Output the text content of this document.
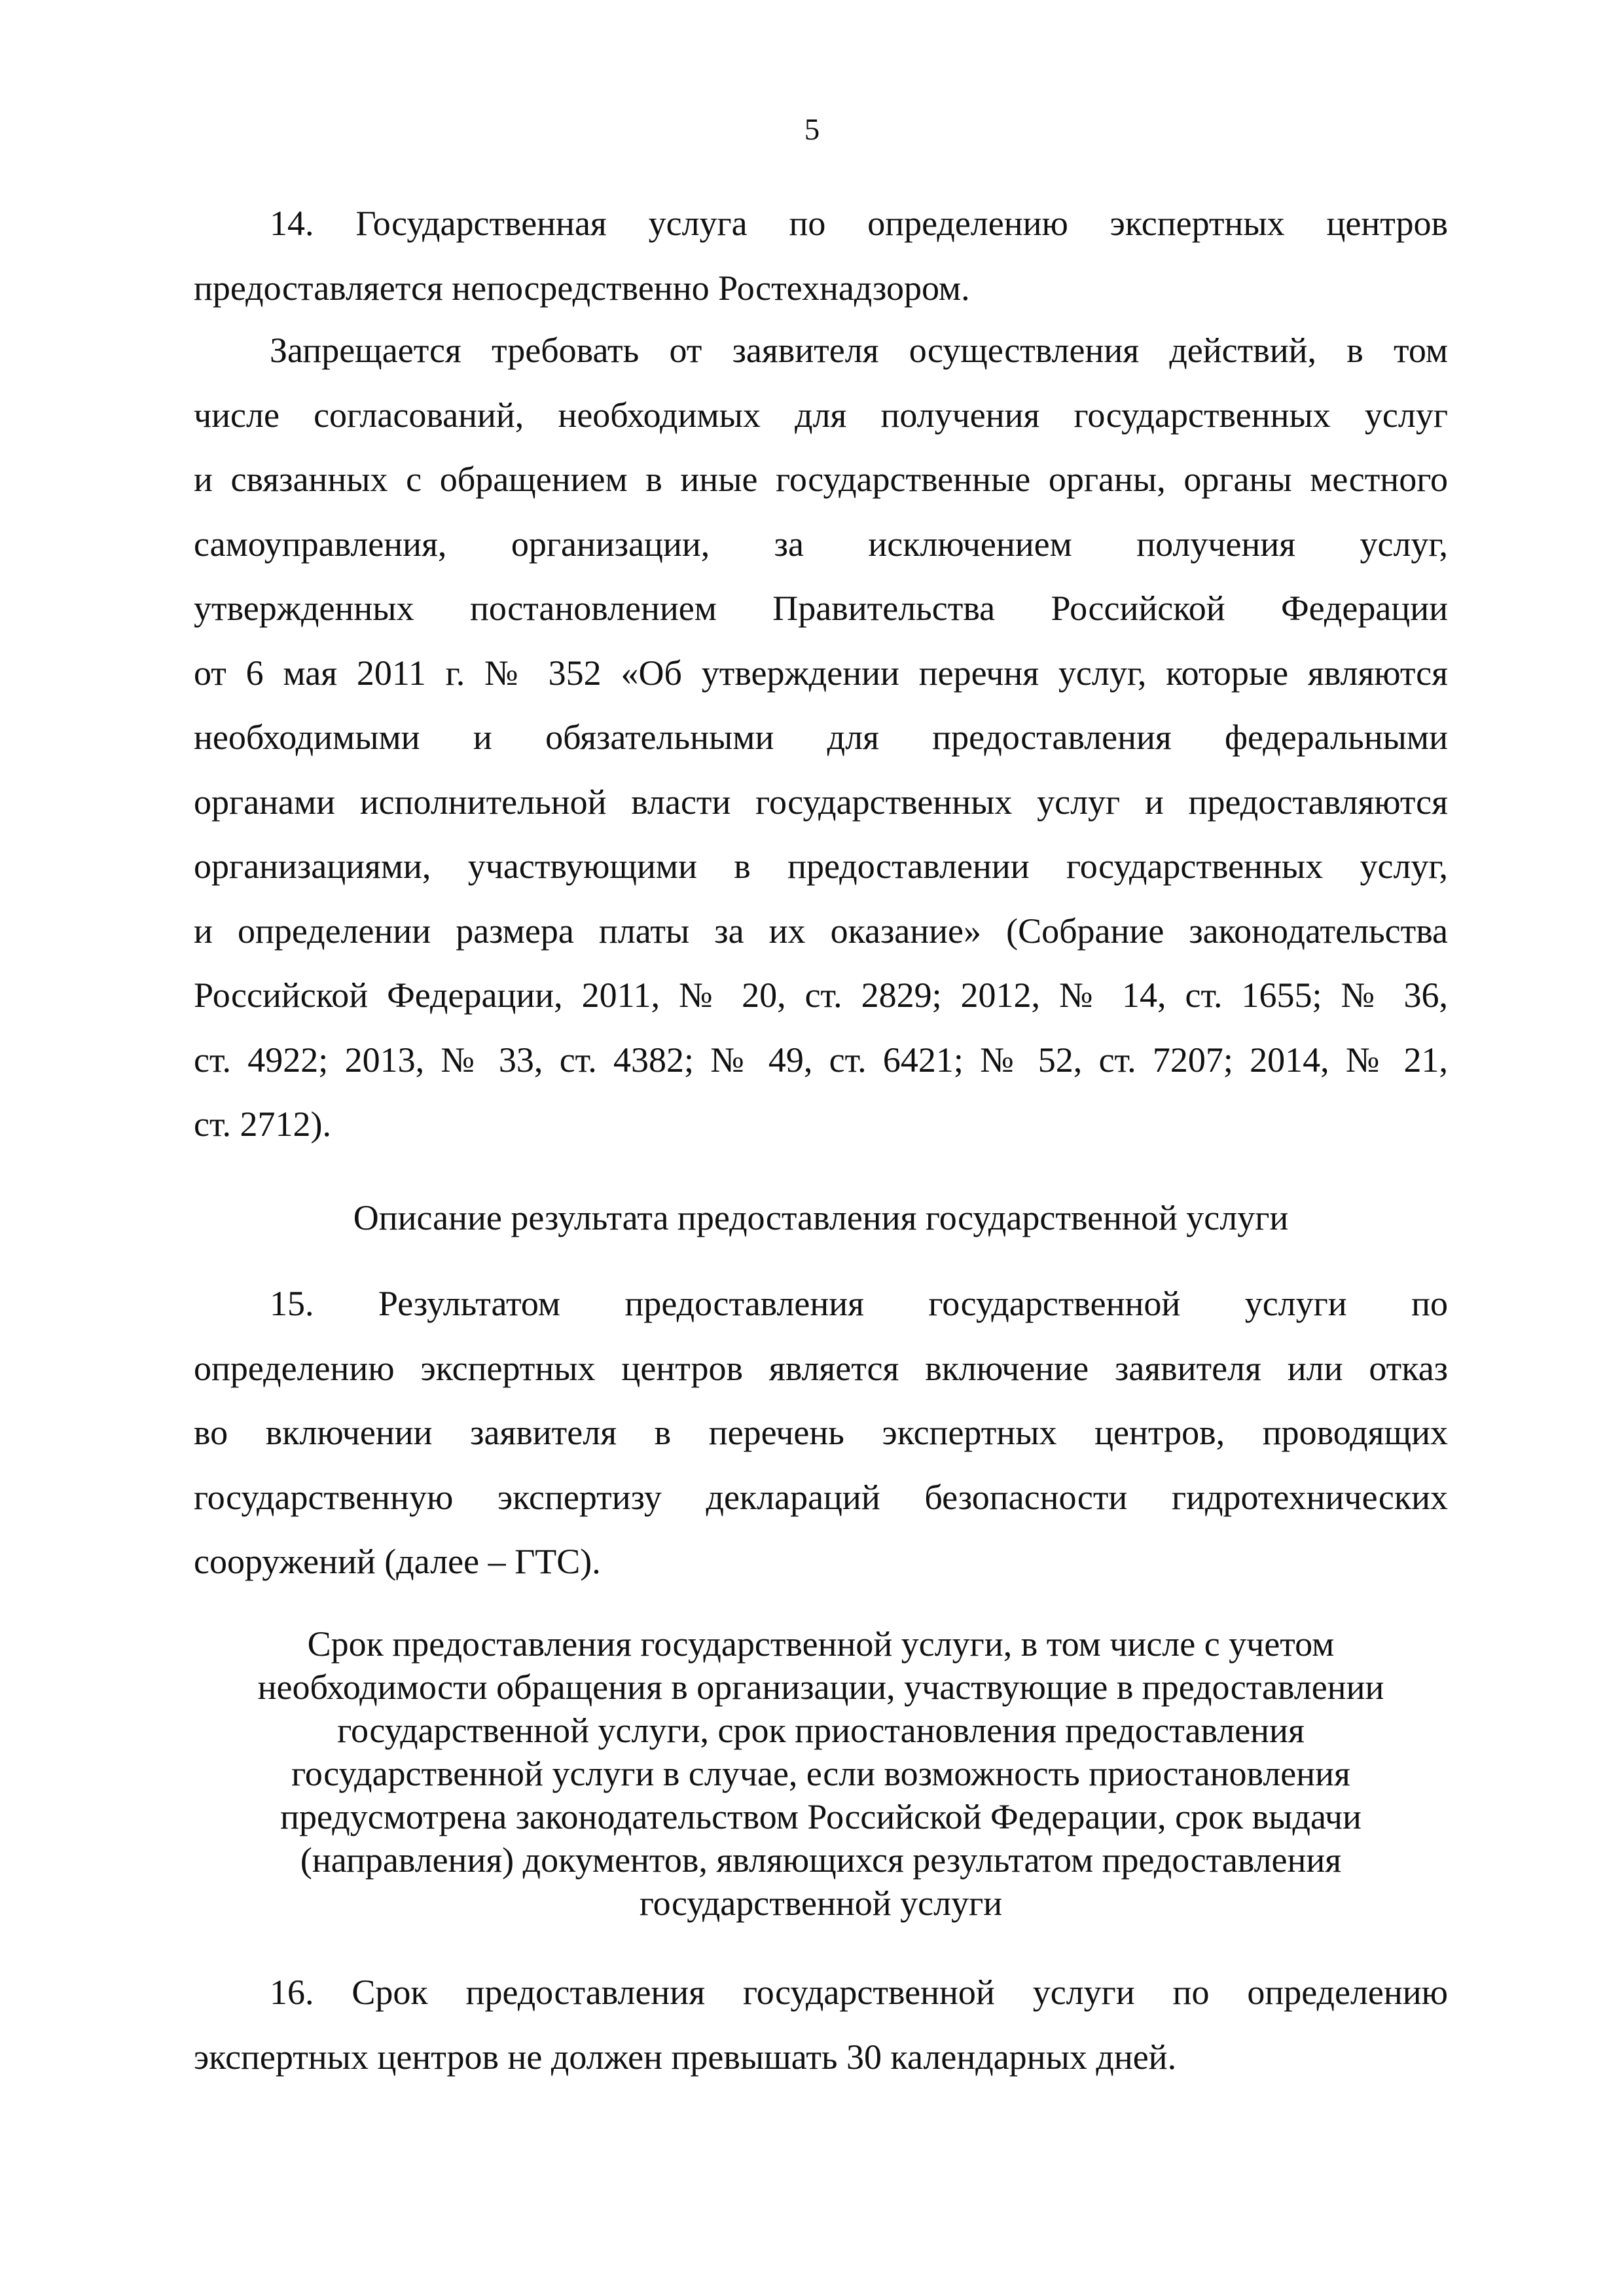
5
14. Государственная услуга по определению экспертных центров
предоставляется непосредственно Ростехнадзором.
Запрещается требовать от заявителя осуществления действий, в том
числе согласований, необходимых для получения государственных услуг
и связанных с обращением в иные государственные органы, органы местного
самоуправления, организации, за исключением получения услуг,
утвержденных постановлением Правительства Российской Федерации
от 6 мая 2011 г. № 352 «Об утверждении перечня услуг, которые являются
необходимыми и обязательными для предоставления федеральными
органами исполнительной власти государственных услуг и предоставляются
организациями, участвующими в предоставлении государственных услуг,
и определении размера платы за их оказание» (Собрание законодательства
Российской Федерации, 2011, № 20, ст. 2829; 2012, № 14, ст. 1655; № 36,
ст. 4922; 2013, № 33, ст. 4382; № 49, ст. 6421; № 52, ст. 7207; 2014, № 21,
ст. 2712).
Описание результата предоставления государственной услуги
15. Результатом предоставления государственной услуги по
определению экспертных центров является включение заявителя или отказ
во включении заявителя в перечень экспертных центров, проводящих
государственную экспертизу деклараций безопасности гидротехнических
сооружений (далее – ГТС).
Срок предоставления государственной услуги, в том числе с учетом
необходимости обращения в организации, участвующие в предоставлении
государственной услуги, срок приостановления предоставления
государственной услуги в случае, если возможность приостановления
предусмотрена законодательством Российской Федерации, срок выдачи
(направления) документов, являющихся результатом предоставления
государственной услуги
16. Срок предоставления государственной услуги по определению
экспертных центров не должен превышать 30 календарных дней.
